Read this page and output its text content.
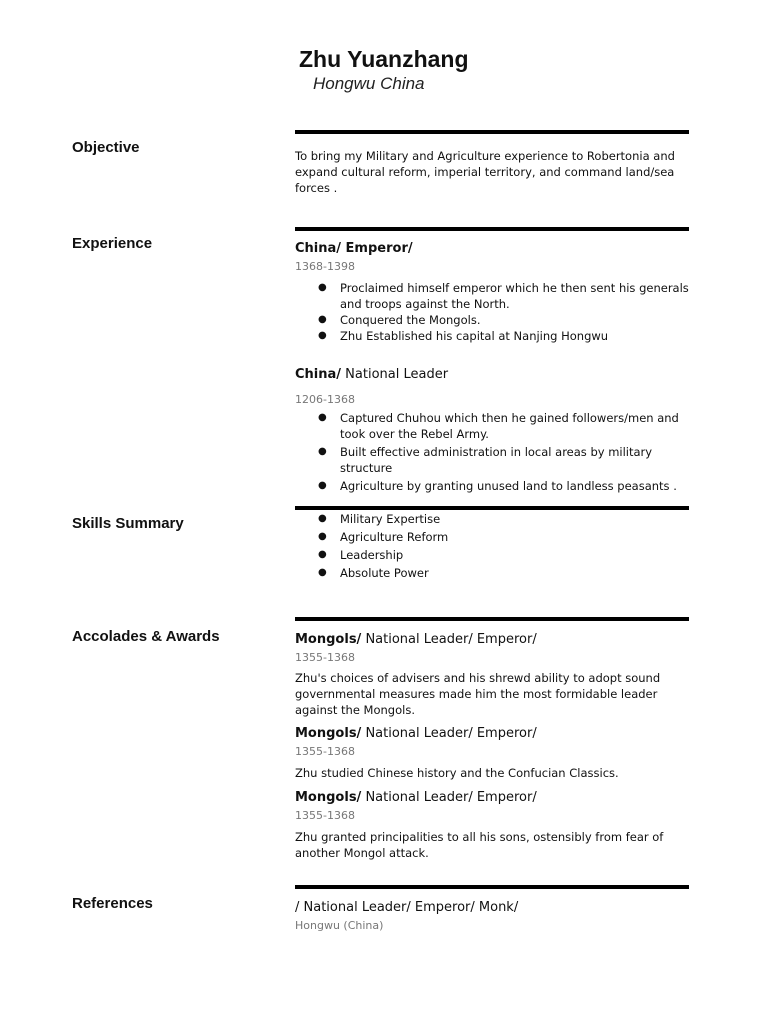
Zhu Yuanzhang
Hongwu China
Objective	To bring my Military and Agriculture experience to Robertonia and expand cultural reform, imperial territory, and command land/sea forces .
Experience	China/ Emperor/
1368-1398
● Proclaimed himself emperor which he then sent his generals and troops against the North.
● Conquered the Mongols.
● Zhu Established his capital at Nanjing Hongwu
China/ National Leader
1206-1368
● Captured Chuhou which then he gained followers/men and took over the Rebel Army.
● Built effective administration in local areas by military structure
● Agriculture by granting unused land to landless peasants .
Skills Summary	● Military Expertise
● Agriculture Reform
● Leadership
● Absolute Power
Accolades & Awards	Mongols/ National Leader/ Emperor/
1355-1368
Zhu's choices of advisers and his shrewd ability to adopt sound governmental measures made him the most formidable leader against the Mongols.
Mongols/ National Leader/ Emperor/
1355-1368
Zhu studied Chinese history and the Confucian Classics.
Mongols/ National Leader/ Emperor/
1355-1368
Zhu granted principalities to all his sons, ostensibly from fear of another Mongol attack.
References	/ National Leader/ Emperor/ Monk/
Hongwu (China)
